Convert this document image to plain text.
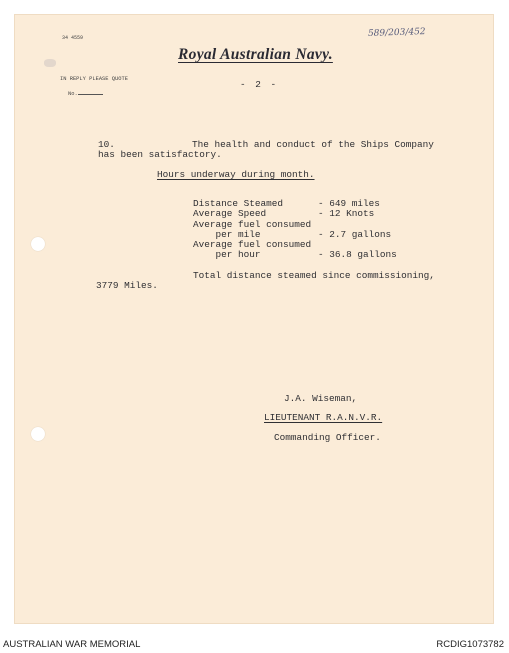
34 4559
IN REPLY PLEASE QUOTE
No.
Royal Australian Navy.
589/203/452
- 2 -
10.	The health and conduct of the Ships Company
has been satisfactory.
Hours underway during month.
Distance Steamed	- 649 miles
Average Speed	- 12 Knots
Average fuel consumed
per mile	- 2.7 gallons
Average fuel consumed
per hour	- 36.8 gallons
Total distance steamed since commissioning,
3779 Miles.
J.A. Wiseman,
LIEUTENANT R.A.N.V.R.
Commanding Officer.
AUSTRALIAN WAR MEMORIAL	RCDIG1073782
